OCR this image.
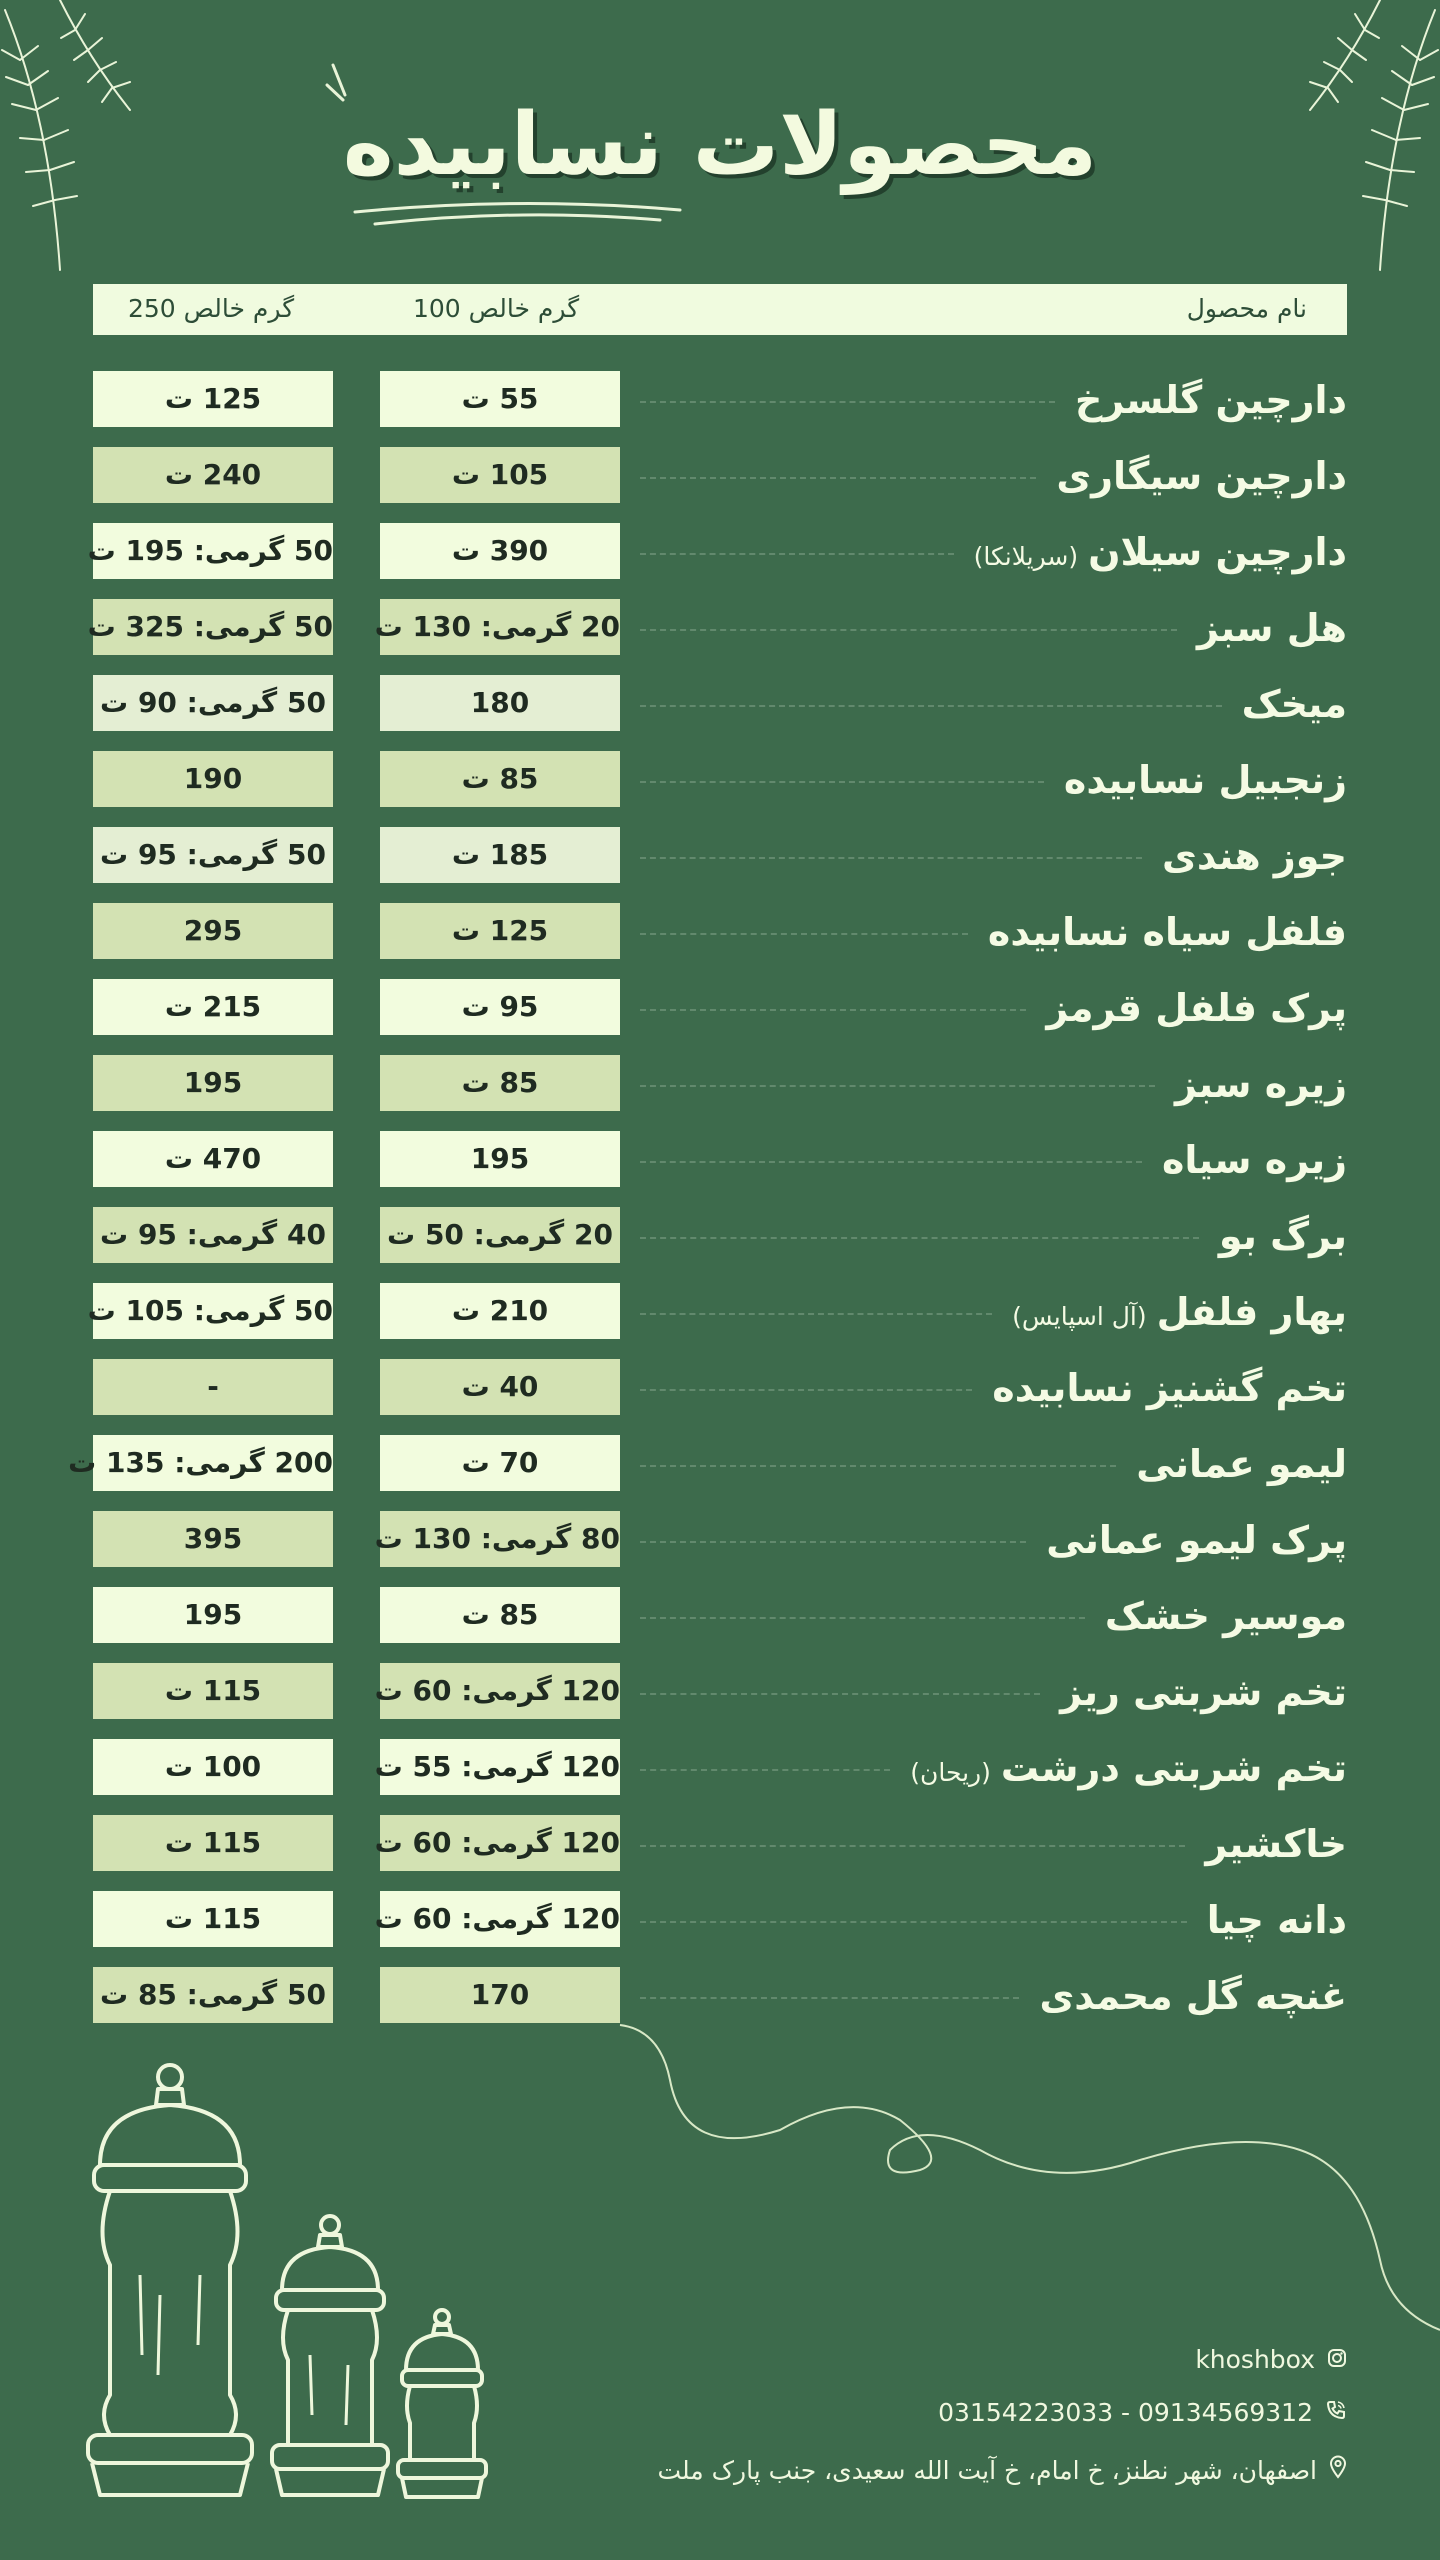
محصولات نسابیده
نام محصول
100 گرم خالص
250 گرم خالص
دارچین گلسرخ
55 ت
125 ت
دارچین سیگاری
105 ت
240 ت
دارچین سیلان(سریلانکا)
390 ت
50 گرمی: 195 ت
هل سبز
20 گرمی: 130 ت
50 گرمی: 325 ت
میخک
180
50 گرمی: 90 ت
زنجبیل نسابیده
85 ت
190
جوز هندی
185 ت
50 گرمی: 95 ت
فلفل سیاه نسابیده
125 ت
295
پرک فلفل قرمز
95 ت
215 ت
زیره سبز
85 ت
195
زیره سیاه
195
470 ت
برگ بو
20 گرمی: 50 ت
40 گرمی: 95 ت
بهار فلفل(آل اسپایس)
210 ت
50 گرمی: 105 ت
تخم گشنیز نسابیده
40 ت
-
لیمو عمانی
70 ت
200 گرمی: 135 ت
پرک لیمو عمانی
80 گرمی: 130 ت
395
موسیر خشک
85 ت
195
تخم شربتی ریز
120 گرمی: 60 ت
115 ت
تخم شربتی درشت(ریحان)
120 گرمی: 55 ت
100 ت
خاکشیر
120 گرمی: 60 ت
115 ت
دانه چیا
120 گرمی: 60 ت
115 ت
غنچه گل محمدی
170
50 گرمی: 85 ت
khoshbox
09134569312 - 03154223033
اصفهان، شهر نطنز، خ امام، خ آیت الله سعیدی، جنب پارک ملت
